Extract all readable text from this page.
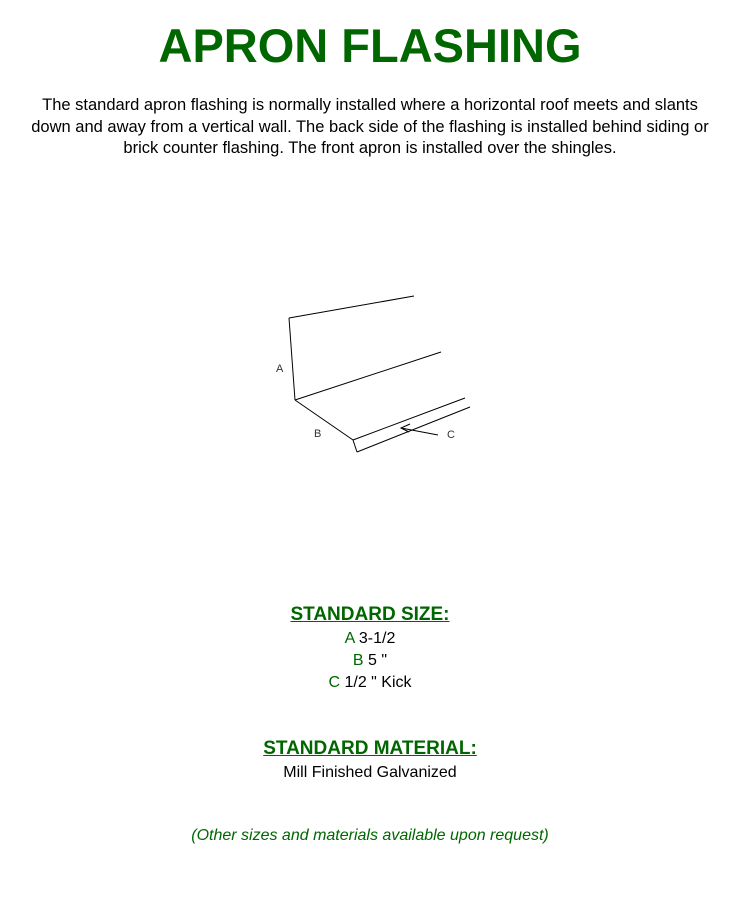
APRON FLASHING

The standard apron flashing is normally installed where a horizontal roof meets and slants down and away from a vertical wall. The back side of the flashing is installed behind siding or brick counter flashing. The front apron is installed over the shingles.

A
B	C
STANDARD SIZE:
A 3-1/2
B 5 "
C 1/2 " Kick
STANDARD MATERIAL:
Mill Finished Galvanized
(Other sizes and materials available upon request)
